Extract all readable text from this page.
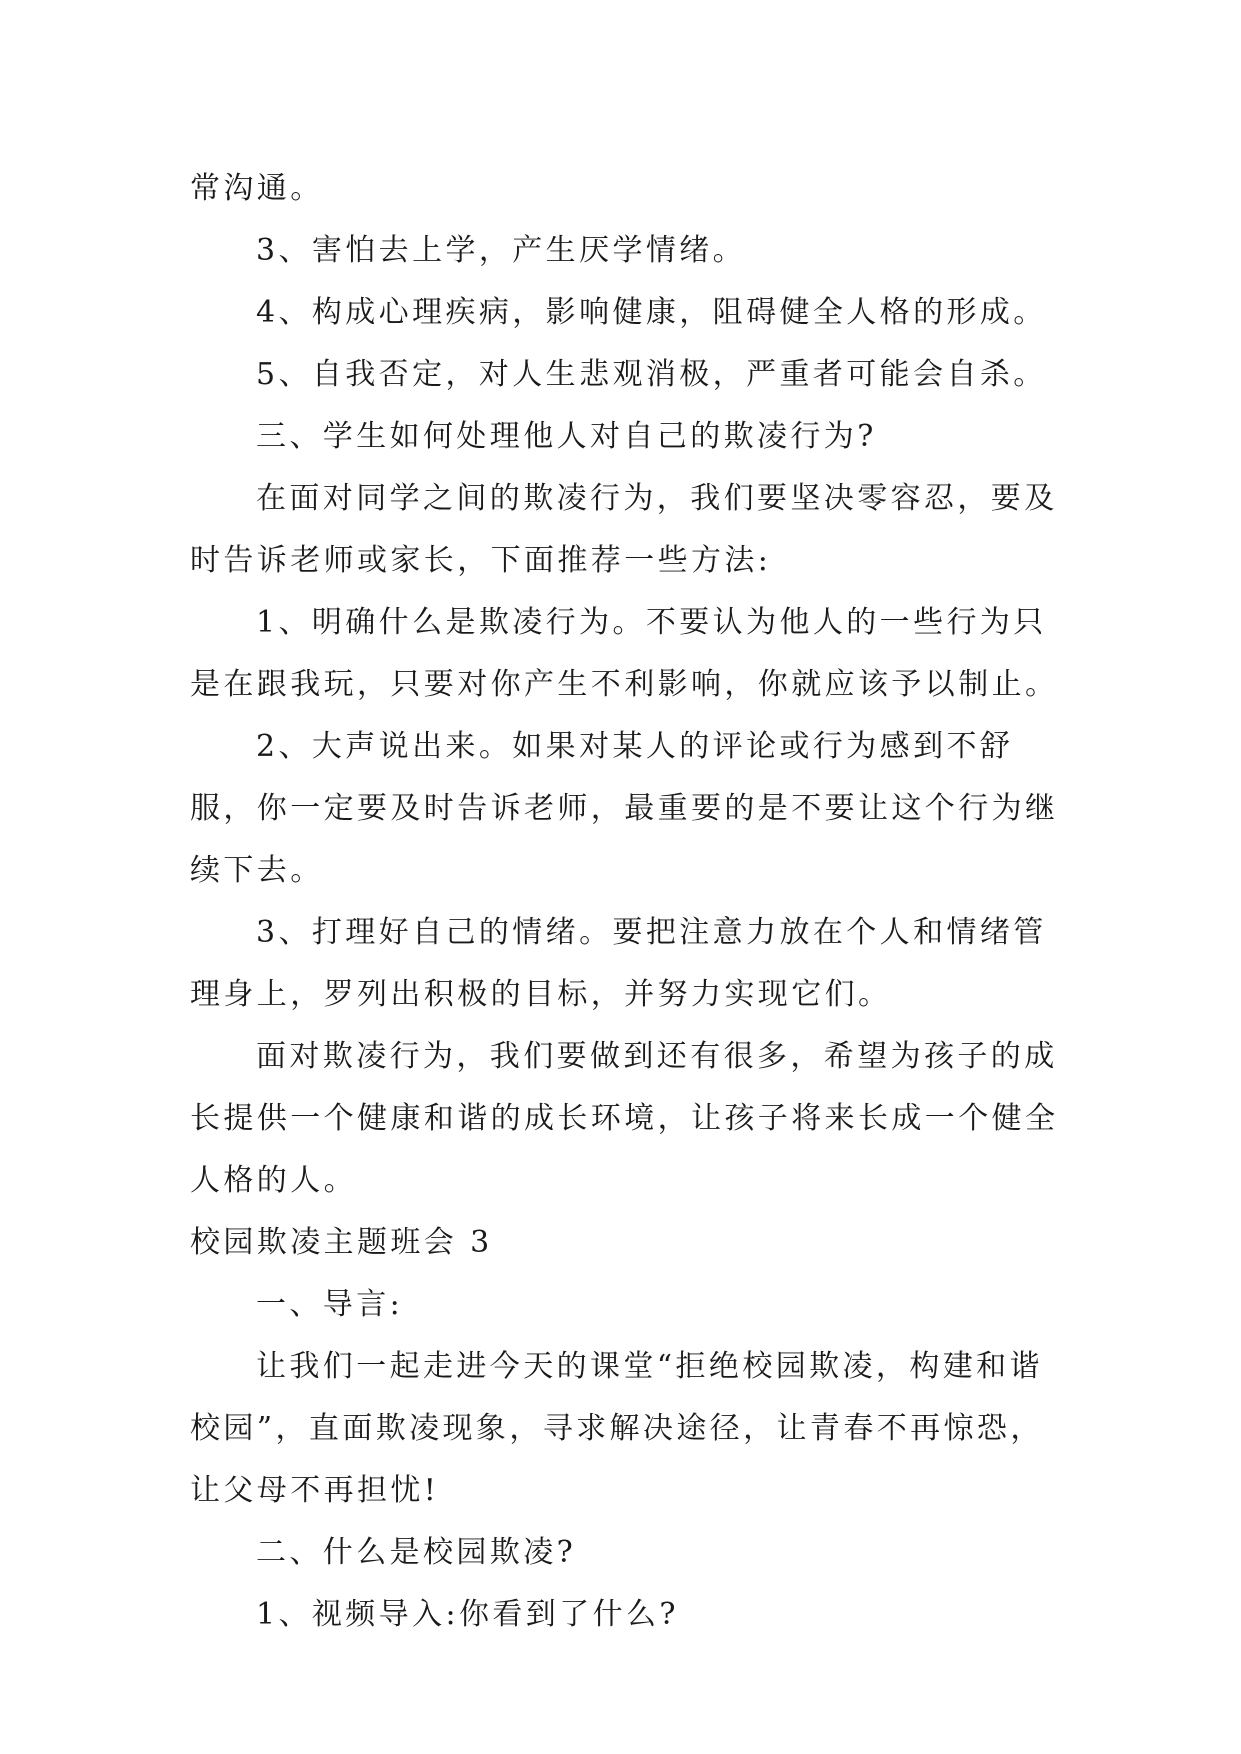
常沟通。

3、害怕去上学，产生厌学情绪。

4、构成心理疾病，影响健康，阻碍健全人格的形成。

5、自我否定，对人生悲观消极，严重者可能会自杀。

三、学生如何处理他人对自己的欺凌行为?

在面对同学之间的欺凌行为，我们要坚决零容忍，要及时告诉老师或家长，下面推荐一些方法:

1、明确什么是欺凌行为。不要认为他人的一些行为只是在跟我玩，只要对你产生不利影响，你就应该予以制止。

2、大声说出来。如果对某人的评论或行为感到不舒服，你一定要及时告诉老师，最重要的是不要让这个行为继续下去。

3、打理好自己的情绪。要把注意力放在个人和情绪管理身上，罗列出积极的目标，并努力实现它们。

面对欺凌行为，我们要做到还有很多，希望为孩子的成长提供一个健康和谐的成长环境，让孩子将来长成一个健全人格的人。

校园欺凌主题班会 3

一、导言:

让我们一起走进今天的课堂“拒绝校园欺凌，构建和谐校园”，直面欺凌现象，寻求解决途径，让青春不再惊恐，让父母不再担忧!

二、什么是校园欺凌?

1、视频导入:你看到了什么?
